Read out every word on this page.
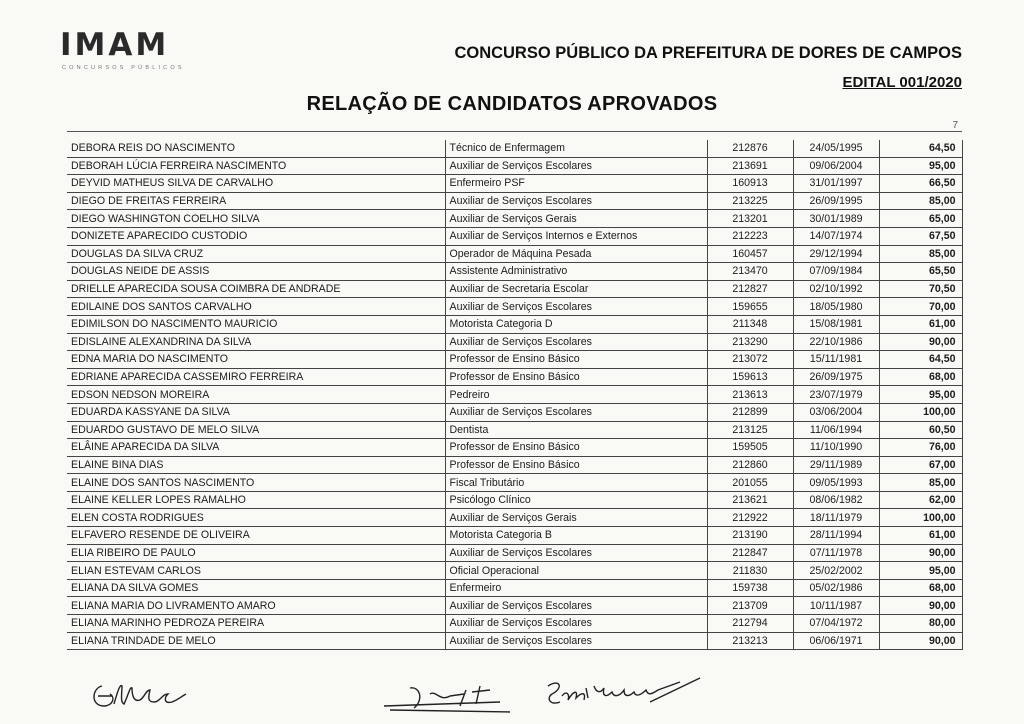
IMAM
CONCURSOS PÚBLICOS
CONCURSO PÚBLICO DA PREFEITURA DE DORES DE CAMPOS
EDITAL 001/2020
RELAÇÃO DE CANDIDATOS APROVADOS
7
DEBORA REIS DO NASCIMENTO	Técnico de Enfermagem	212876	24/05/1995	64,50
DEBORAH LÚCIA FERREIRA NASCIMENTO	Auxiliar de Serviços Escolares	213691	09/06/2004	95,00
DEYVID MATHEUS SILVA DE CARVALHO	Enfermeiro PSF	160913	31/01/1997	66,50
DIEGO DE FREITAS FERREIRA	Auxiliar de Serviços Escolares	213225	26/09/1995	85,00
DIEGO WASHINGTON COELHO SILVA	Auxiliar de Serviços Gerais	213201	30/01/1989	65,00
DONIZETE APARECIDO CUSTODIO	Auxiliar de Serviços Internos e Externos	212223	14/07/1974	67,50
DOUGLAS DA SILVA CRUZ	Operador de Máquina Pesada	160457	29/12/1994	85,00
DOUGLAS NEIDE DE ASSIS	Assistente Administrativo	213470	07/09/1984	65,50
DRIELLE APARECIDA SOUSA COIMBRA DE ANDRADE	Auxiliar de Secretaria Escolar	212827	02/10/1992	70,50
EDILAINE DOS SANTOS CARVALHO	Auxiliar de Serviços Escolares	159655	18/05/1980	70,00
EDIMILSON DO NASCIMENTO MAURICIO	Motorista Categoria D	211348	15/08/1981	61,00
EDISLAINE ALEXANDRINA DA SILVA	Auxiliar de Serviços Escolares	213290	22/10/1986	90,00
EDNA MARIA DO NASCIMENTO	Professor de Ensino Básico	213072	15/11/1981	64,50
EDRIANE APARECIDA CASSEMIRO FERREIRA	Professor de Ensino Básico	159613	26/09/1975	68,00
EDSON NEDSON MOREIRA	Pedreiro	213613	23/07/1979	95,00
EDUARDA KASSYANE DA SILVA	Auxiliar de Serviços Escolares	212899	03/06/2004	100,00
EDUARDO GUSTAVO DE MELO SILVA	Dentista	213125	11/06/1994	60,50
ELÂINE APARECIDA DA SILVA	Professor de Ensino Básico	159505	11/10/1990	76,00
ELAINE BINA DIAS	Professor de Ensino Básico	212860	29/11/1989	67,00
ELAINE DOS SANTOS NASCIMENTO	Fiscal Tributário	201055	09/05/1993	85,00
ELAINE KELLER LOPES RAMALHO	Psicólogo Clínico	213621	08/06/1982	62,00
ELEN COSTA RODRIGUES	Auxiliar de Serviços Gerais	212922	18/11/1979	100,00
ELFAVERO RESENDE DE OLIVEIRA	Motorista Categoria B	213190	28/11/1994	61,00
ELIA RIBEIRO DE PAULO	Auxiliar de Serviços Escolares	212847	07/11/1978	90,00
ELIAN ESTEVAM CARLOS	Oficial Operacional	211830	25/02/2002	95,00
ELIANA DA SILVA GOMES	Enfermeiro	159738	05/02/1986	68,00
ELIANA MARIA DO LIVRAMENTO AMARO	Auxiliar de Serviços Escolares	213709	10/11/1987	90,00
ELIANA MARINHO PEDROZA PEREIRA	Auxiliar de Serviços Escolares	212794	07/04/1972	80,00
ELIANA TRINDADE DE MELO	Auxiliar de Serviços Escolares	213213	06/06/1971	90,00
